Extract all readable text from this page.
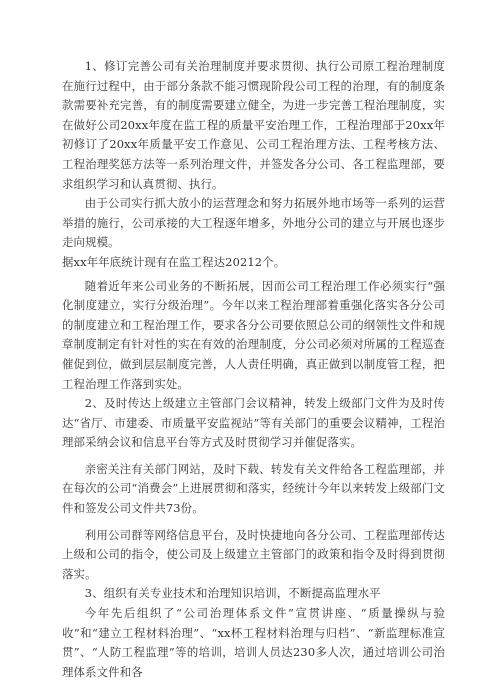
1、修订完善公司有关治理制度并要求贯彻、执行公司原工程治理制度在施行过程中，由于部分条款不能习惯现阶段公司工程的治理，有的制度条款需要补充完善，有的制度需要建立健全，为进一步完善工程治理制度，实在做好公司20xx年度在监工程的质量平安治理工作，工程治理部于20xx年初修订了20xx年质量平安工作意见、公司工程治理方法、工程考核方法、工程治理奖惩方法等一系列治理文件，并签发各分公司、各工程监理部，要求组织学习和认真贯彻、执行。

由于公司实行抓大放小的运营理念和努力拓展外地市场等一系列的运营举措的施行，公司承接的大工程逐年增多，外地分公司的建立与开展也逐步走向规模。

据xx年年底统计现有在监工程达20212个。

随着近年来公司业务的不断拓展，因而公司工程治理工作必须实行“强化制度建立，实行分级治理”。今年以来工程治理部着重强化落实各分公司的制度建立和工程治理工作，要求各分公司要依照总公司的纲领性文件和规章制度制定有针对性的实在有效的治理制度，分公司必须对所属的工程巡查催促到位，做到层层制度完善，人人责任明确，真正做到以制度管工程，把工程治理工作落到实处。

2、及时传达上级建立主管部门会议精神，转发上级部门文件为及时传达“省厅、市建委、市质量平安监视站”等有关部门的重要会议精神，工程治理部采纳会议和信息平台等方式及时贯彻学习并催促落实。

亲密关注有关部门网站，及时下载、转发有关文件给各工程监理部，并在每次的公司“消费会”上进展贯彻和落实，经统计今年以来转发上级部门文件和签发公司文件共73份。

利用公司群等网络信息平台，及时快捷地向各分公司、工程监理部传达上级和公司的指令，使公司及上级建立主管部门的政策和指令及时得到贯彻落实。

3、组织有关专业技术和治理知识培训，不断提高监理水平

今年先后组织了“公司治理体系文件”宣贯讲座、“质量操纵与验收”和“建立工程材料治理”、“xx杯工程材料治理与归档”、“新监理标准宣贯”、“人防工程监理”等的培训，培训人员达230多人次，通过培训公司治理体系文件和各
